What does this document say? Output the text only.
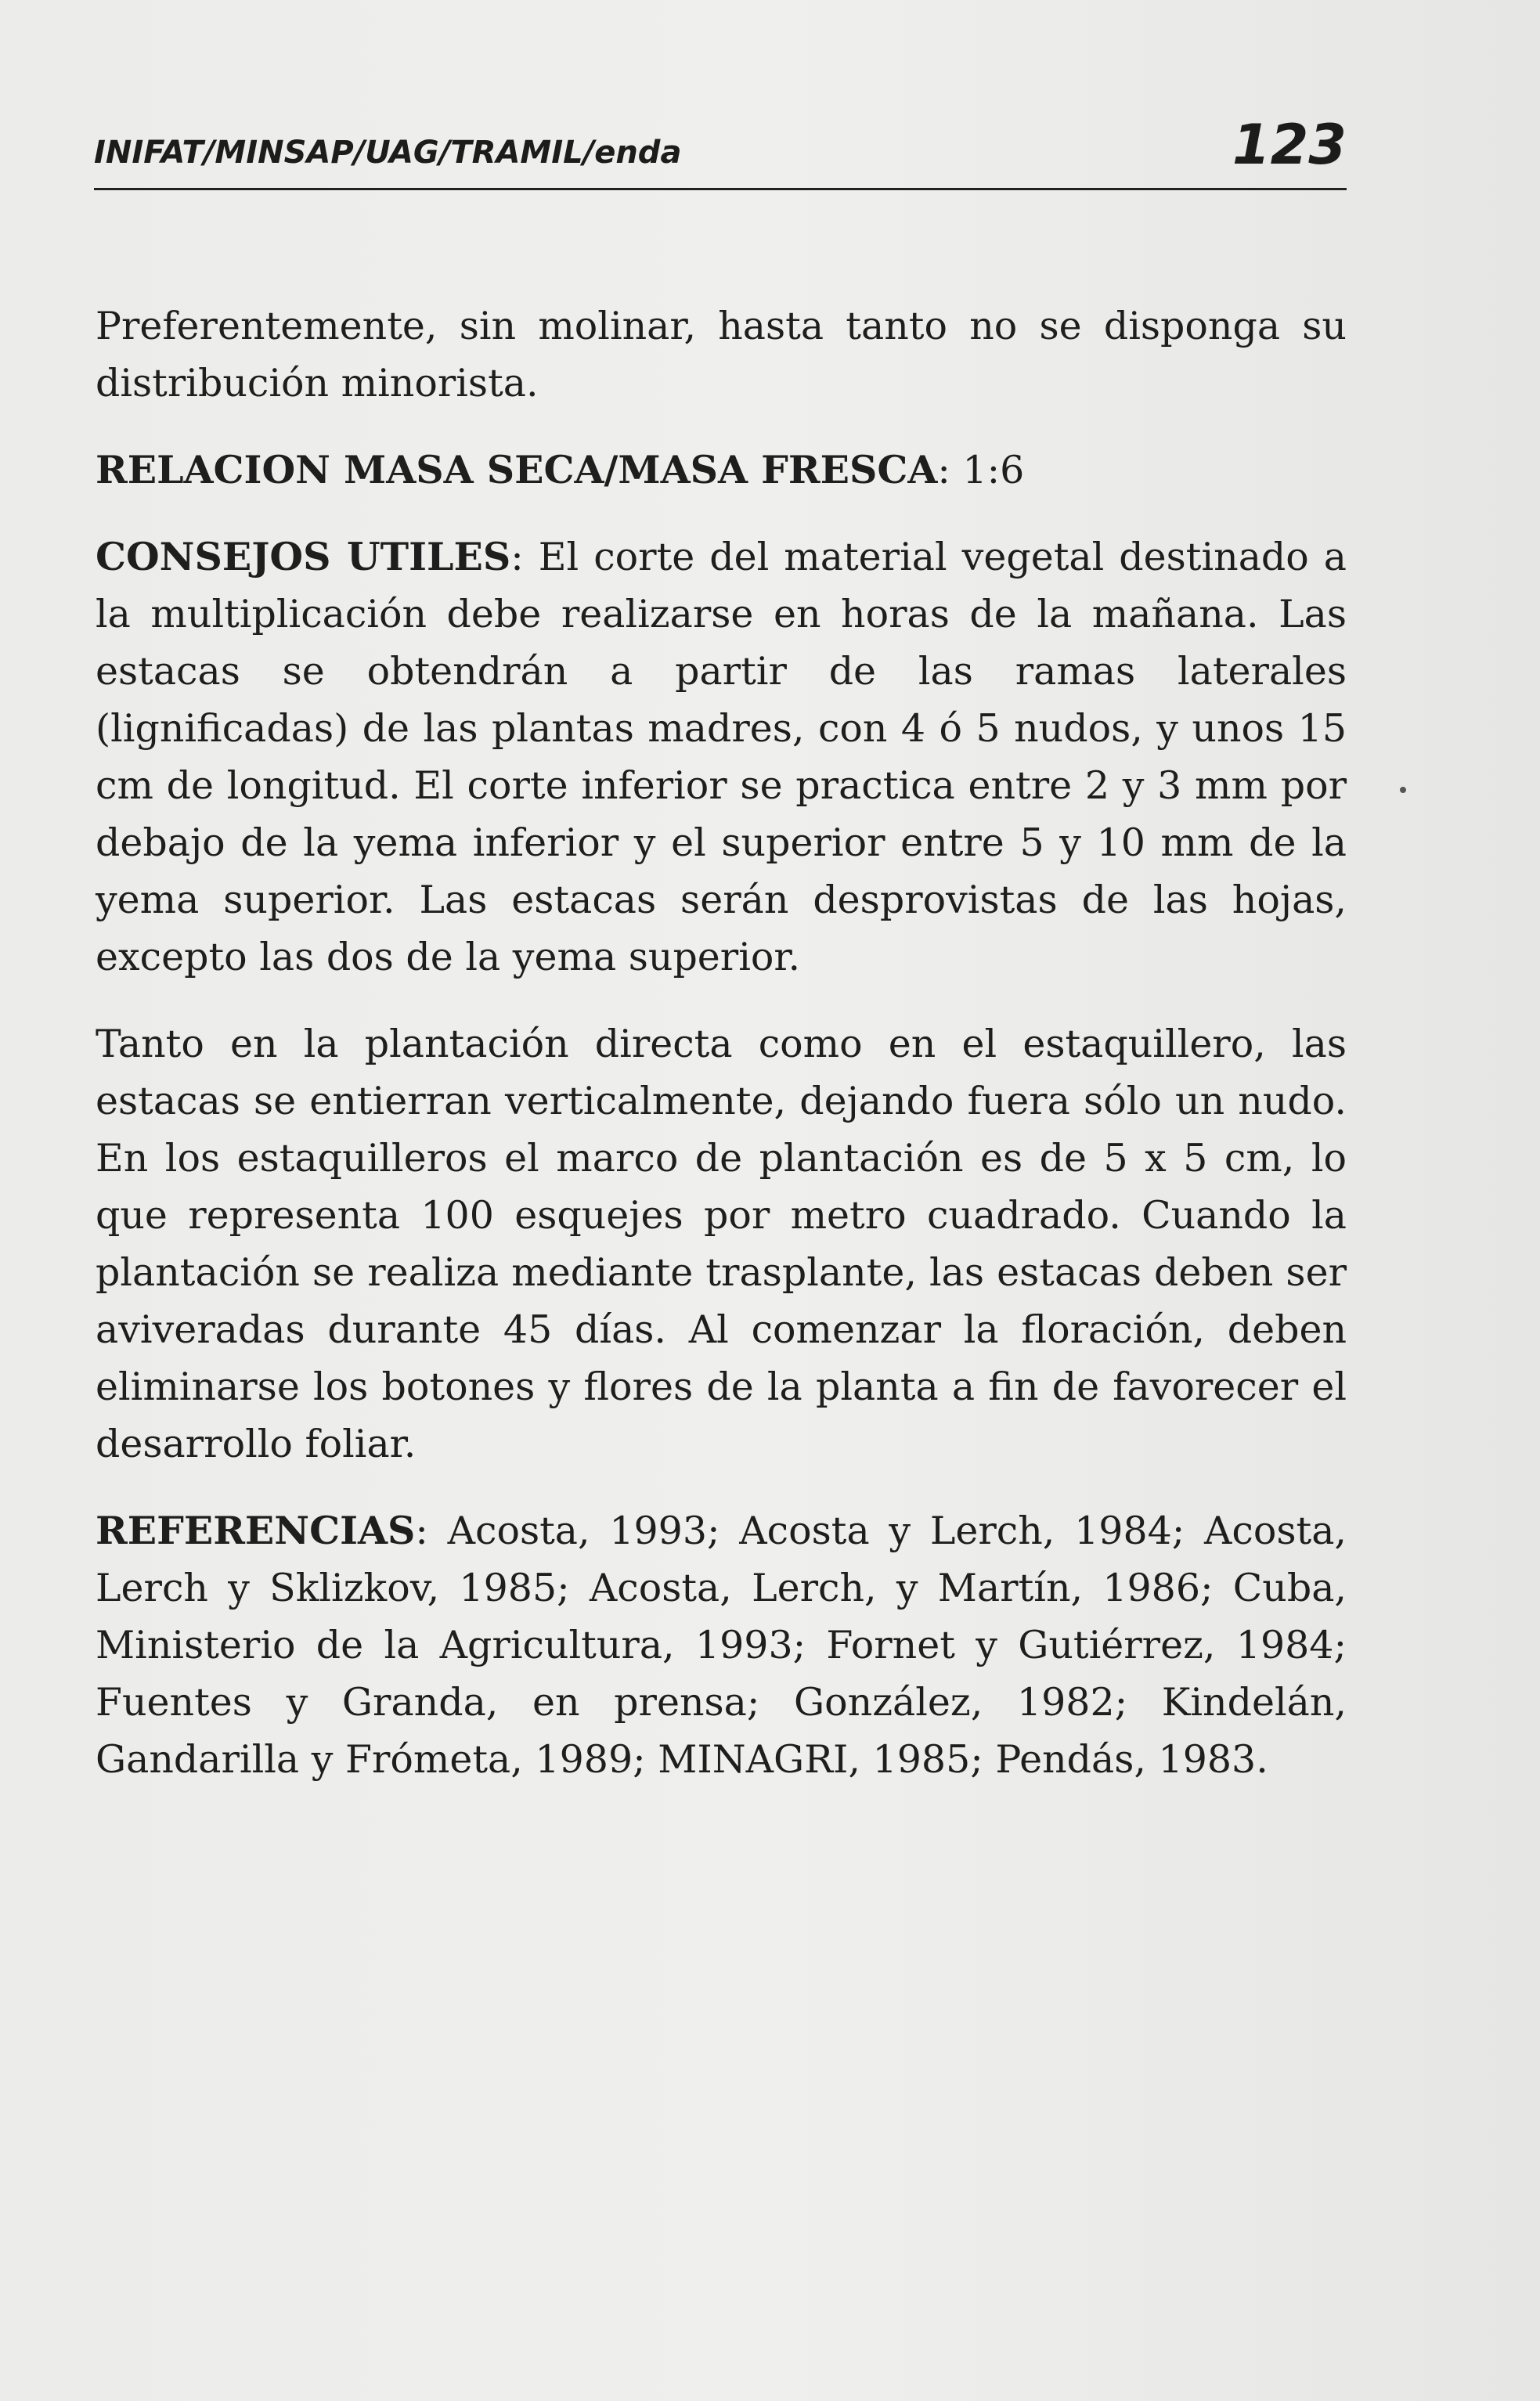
INIFAT/MINSAP/UAG/TRAMIL/enda	123

Preferentemente, sin molinar, hasta tanto no se disponga su distribución minorista.

RELACION MASA SECA/MASA FRESCA: 1:6

CONSEJOS UTILES: El corte del material vegetal destinado a la multiplicación debe realizarse en horas de la mañana. Las estacas se obtendrán a partir de las ramas laterales (lignificadas) de las plantas madres, con 4 ó 5 nudos, y unos 15 cm de longitud. El corte inferior se practica entre 2 y 3 mm por debajo de la yema inferior y el superior entre 5 y 10 mm de la yema superior. Las estacas serán desprovistas de las hojas, excepto las dos de la yema superior.

Tanto en la plantación directa como en el estaquillero, las estacas se entierran verticalmente, dejando fuera sólo un nudo. En los estaquilleros el marco de plantación es de 5 x 5 cm, lo que representa 100 esquejes por metro cuadrado. Cuando la plantación se realiza mediante trasplante, las estacas deben ser aviveradas durante 45 días. Al comenzar la floración, deben eliminarse los botones y flores de la planta a fin de favorecer el desarrollo foliar.

REFERENCIAS: Acosta, 1993; Acosta y Lerch, 1984; Acosta, Lerch y Sklizkov, 1985; Acosta, Lerch, y Martín, 1986; Cuba, Ministerio de la Agricultura, 1993; Fornet y Gutiérrez, 1984; Fuentes y Granda, en prensa; González, 1982; Kindelán, Gandarilla y Frómeta, 1989; MINAGRI, 1985; Pendás, 1983.
